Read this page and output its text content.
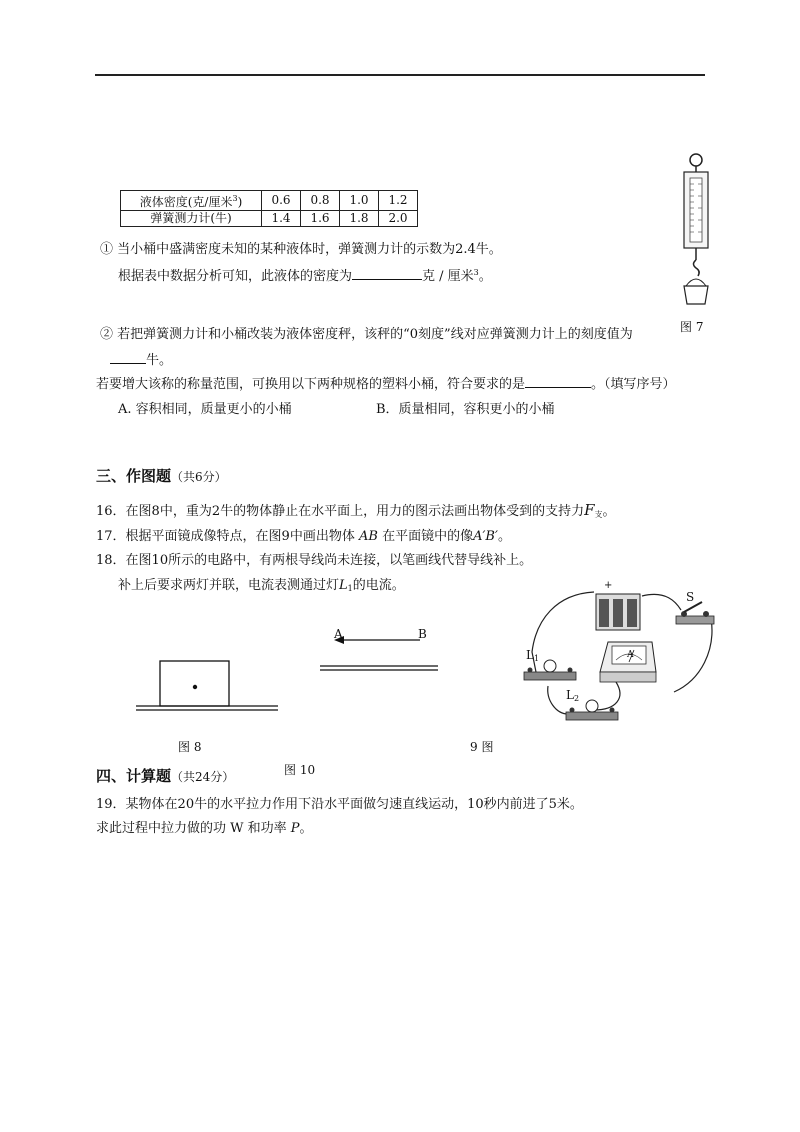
液体密度(克/厘米$^3$)	0.6	0.8	1.0	1.2
弹簧测力计(牛)	1.4	1.6	1.8	2.0
图 7
① 当小桶中盛满密度未知的某种液体时，弹簧测力计的示数为2.4牛。
根据表中数据分析可知，此液体的密度为	克 / 厘米$^3$。
② 若把弹簧测力计和小桶改装为液体密度秤，该秤的“0刻度”线对应弹簧测力计上的刻度值为
牛。
若要增大该称的称量范围，可换用以下两种规格的塑料小桶，符合要求的是	。（填写序号）
A. 容积相同，质量更小的小桶	B．质量相同，容积更小的小桶
三、作图题（共6分）
16．在图8中，重为2牛的物体静止在水平面上，用力的图示法画出物体受到的支持力$F_支$。
17．根据平面镜成像特点，在图9中画出物体 AB 在平面镜中的像A′B′。
18．在图10所示的电路中，有两根导线尚未连接，以笔画线代替导线补上。
补上后要求两灯并联，电流表测通过灯$L_1$的电流。
A	B
+
S
A
$L_1$
$L_2$
图 8
图 10
9 图
四、计算题（共24分）
19．某物体在20牛的水平拉力作用下沿水平面做匀速直线运动，10秒内前进了5米。
求此过程中拉力做的功 W 和功率 P。
